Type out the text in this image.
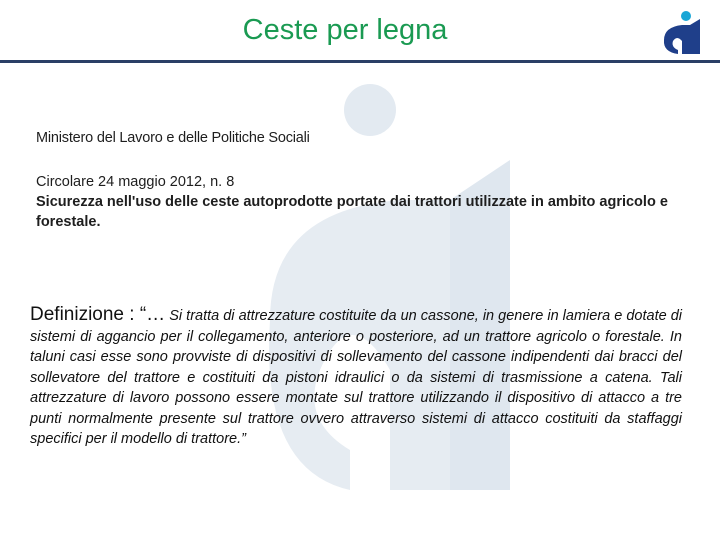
Ceste per legna
Ministero del Lavoro e delle Politiche Sociali
Circolare 24 maggio 2012, n. 8
Sicurezza nell'uso delle ceste autoprodotte portate dai trattori utilizzate in ambito agricolo e forestale.
Definizione : “… Si tratta di attrezzature costituite da un cassone, in genere in lamiera e dotate di sistemi di aggancio per il collegamento, anteriore o posteriore, ad un trattore agricolo o forestale. In taluni casi esse sono provviste di dispositivi di sollevamento del cassone indipendenti dai bracci del sollevatore del trattore e costituiti da pistoni idraulici o da sistemi di trasmissione a catena. Tali attrezzature di lavoro possono essere montate sul trattore utilizzando il dispositivo di attacco a tre punti normalmente presente sul trattore ovvero attraverso sistemi di attacco costituiti da staffaggi specifici per il modello di trattore.”
